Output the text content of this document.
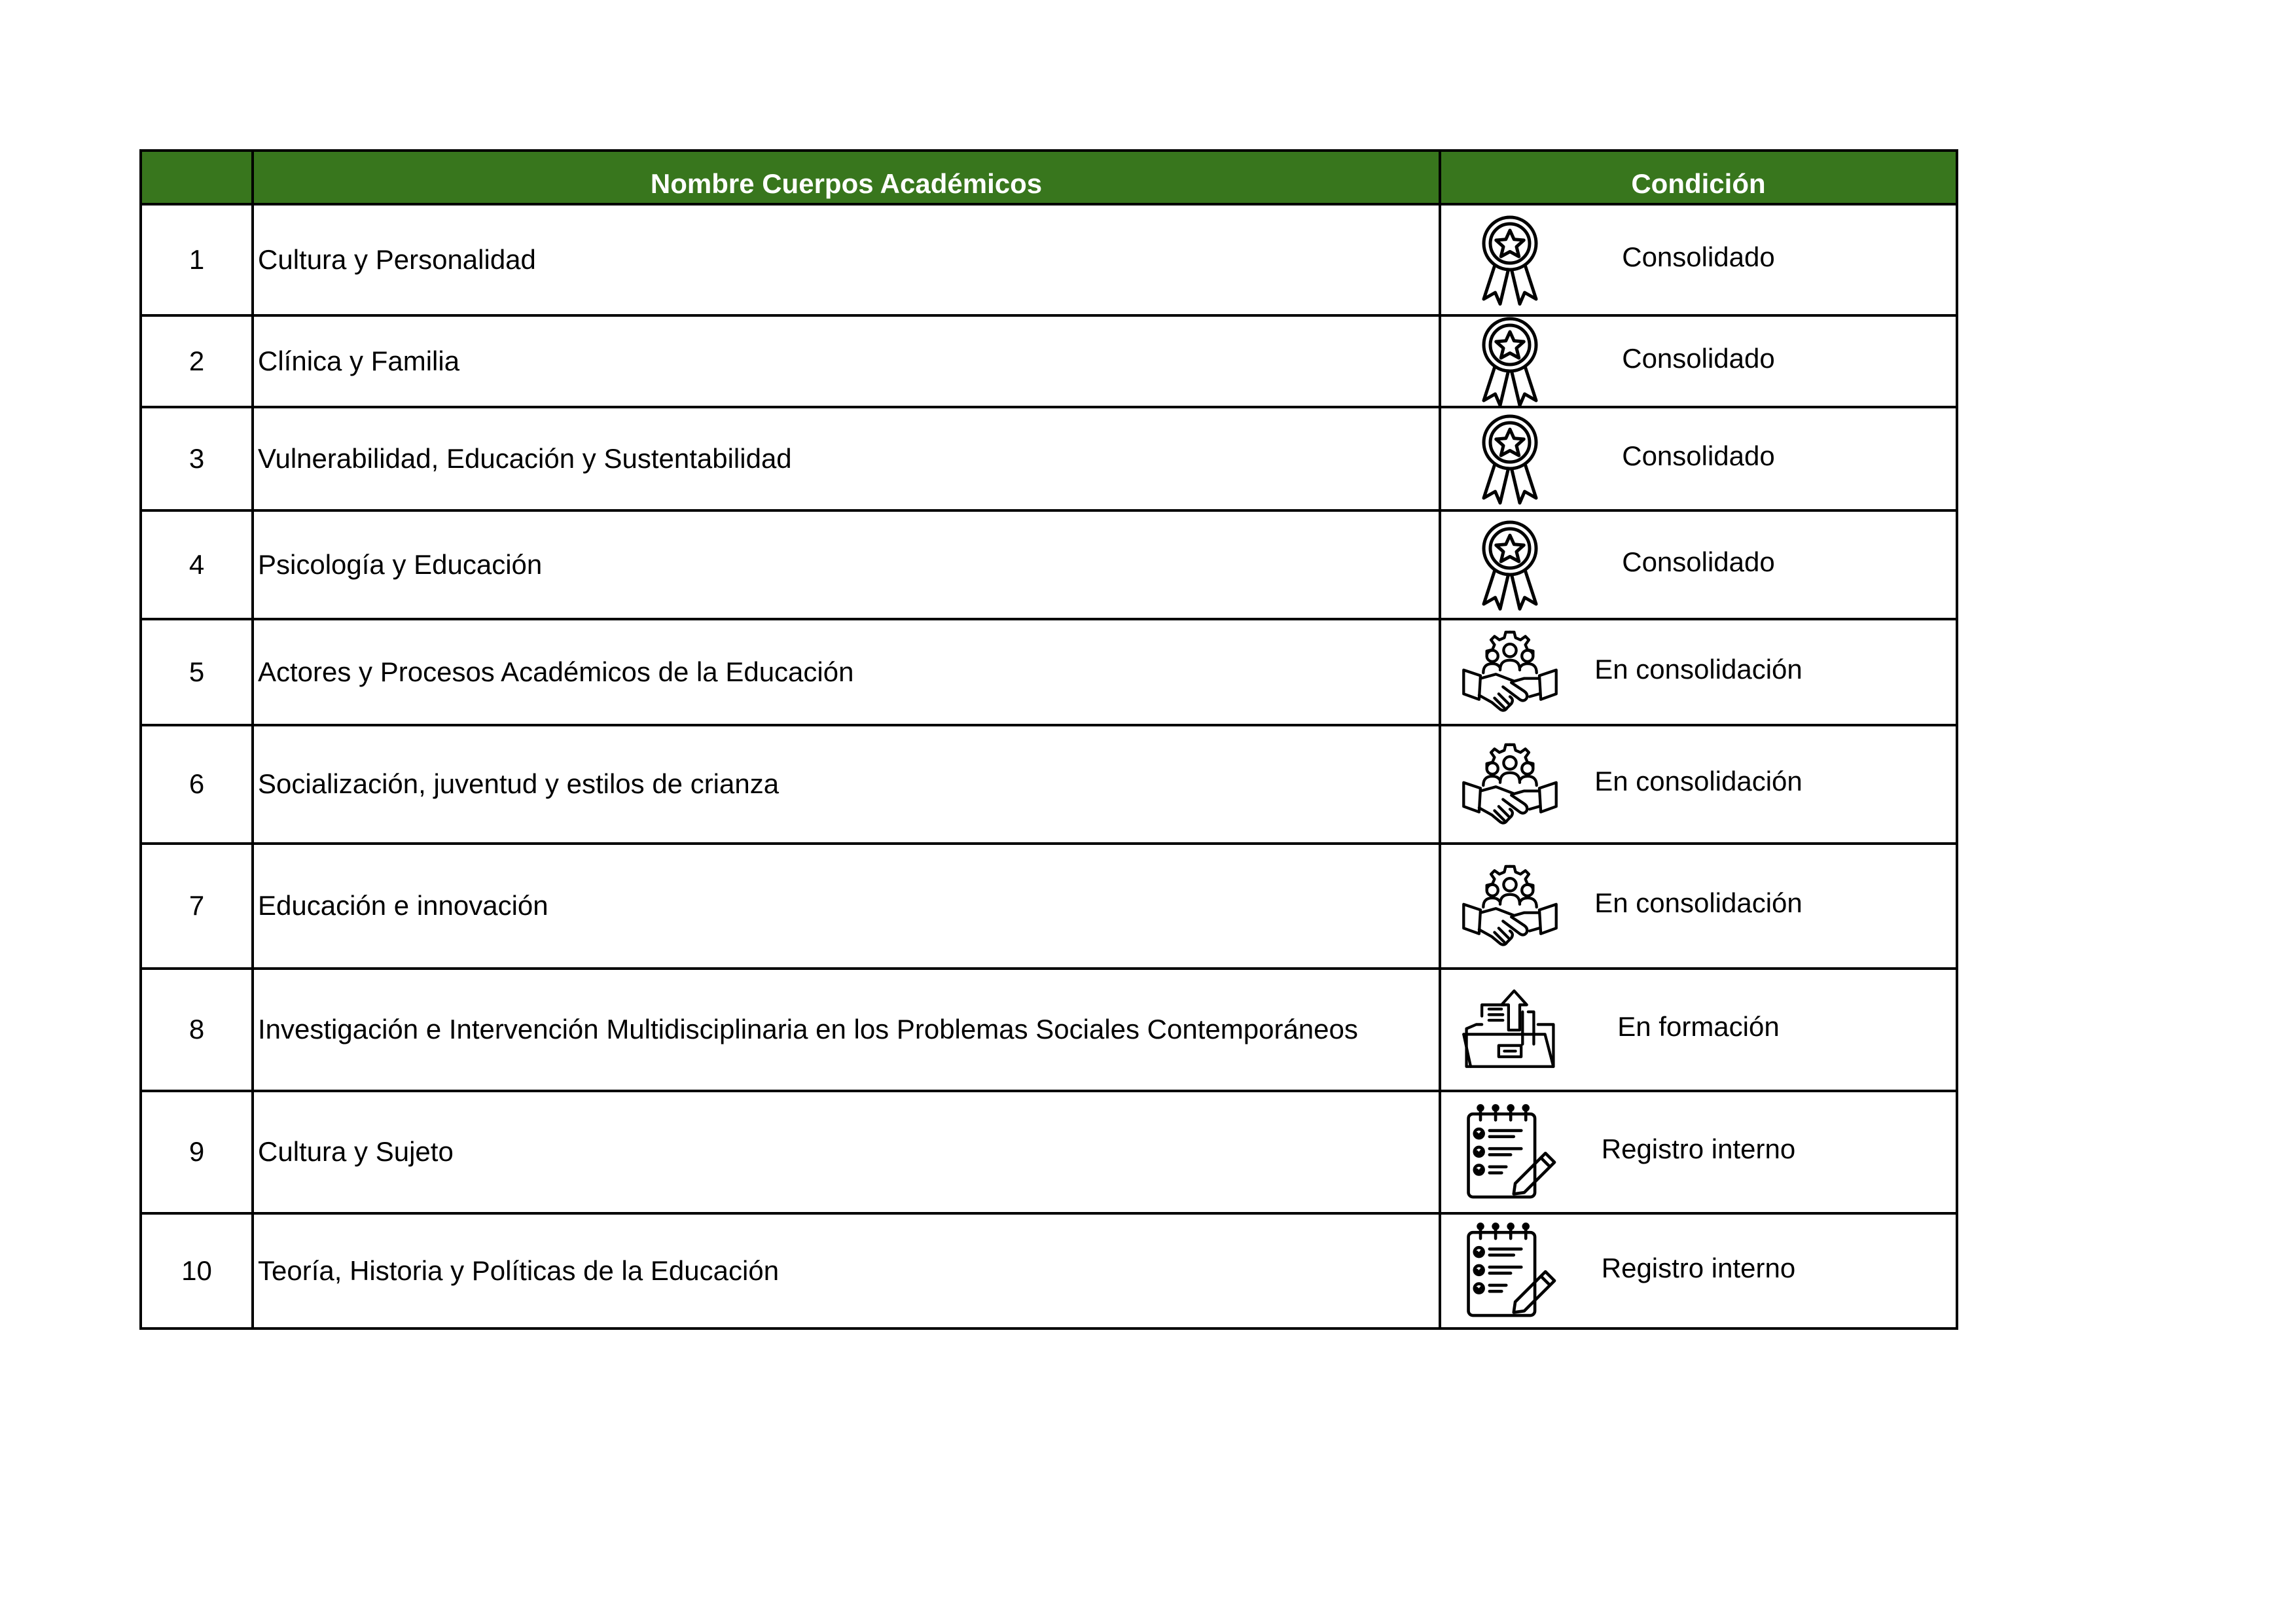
	Nombre Cuerpos Académicos	Condición
1	Cultura y Personalidad	Consolidado

2	Clínica y Familia	Consolidado

3	Vulnerabilidad, Educación y Sustentabilidad	Consolidado

4	Psicología y Educación	Consolidado

5	Actores y Procesos Académicos de la Educación	En consolidación

6	Socialización, juventud y estilos de crianza	En consolidación

7	Educación e innovación	En consolidación

8	Investigación e Intervención Multidisciplinaria en los Problemas Sociales Contemporáneos	En formación

9	Cultura y Sujeto	Registro interno

10	Teoría, Historia y Políticas de la Educación	Registro interno
